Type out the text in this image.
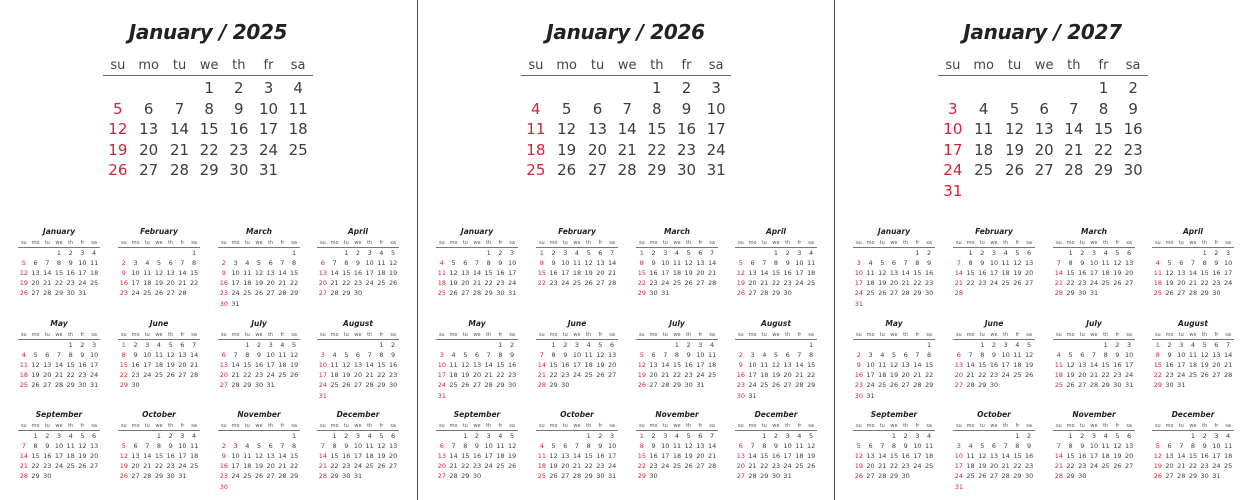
January / 2025
su	mo	tu	we	th	fr	sa
			1	2	3	4
5	6	7	8	9	10	11
12	13	14	15	16	17	18
19	20	21	22	23	24	25
26	27	28	29	30	31	
January
su	mo	tu	we	th	fr	sa
			1	2	3	4
5	6	7	8	9	10	11
12	13	14	15	16	17	18
19	20	21	22	23	24	25
26	27	28	29	30	31	
February
su	mo	tu	we	th	fr	sa
						1
2	3	4	5	6	7	8
9	10	11	12	13	14	15
16	17	18	19	20	21	22
23	24	25	26	27	28	
March
su	mo	tu	we	th	fr	sa
						1
2	3	4	5	6	7	8
9	10	11	12	13	14	15
16	17	18	19	20	21	22
23	24	25	26	27	28	29
30	31					
April
su	mo	tu	we	th	fr	sa
		1	2	3	4	5
6	7	8	9	10	11	12
13	14	15	16	17	18	19
20	21	22	23	24	25	26
27	28	29	30			
May
su	mo	tu	we	th	fr	sa
				1	2	3
4	5	6	7	8	9	10
11	12	13	14	15	16	17
18	19	20	21	22	23	24
25	26	27	28	29	30	31
June
su	mo	tu	we	th	fr	sa
1	2	3	4	5	6	7
8	9	10	11	12	13	14
15	16	17	18	19	20	21
22	23	24	25	26	27	28
29	30					
July
su	mo	tu	we	th	fr	sa
		1	2	3	4	5
6	7	8	9	10	11	12
13	14	15	16	17	18	19
20	21	22	23	24	25	26
27	28	29	30	31		
August
su	mo	tu	we	th	fr	sa
					1	2
3	4	5	6	7	8	9
10	11	12	13	14	15	16
17	18	19	20	21	22	23
24	25	26	27	28	29	30
31						
September
su	mo	tu	we	th	fr	sa
	1	2	3	4	5	6
7	8	9	10	11	12	13
14	15	16	17	18	19	20
21	22	23	24	25	26	27
28	29	30				
October
su	mo	tu	we	th	fr	sa
			1	2	3	4
5	6	7	8	9	10	11
12	13	14	15	16	17	18
19	20	21	22	23	24	25
26	27	28	29	30	31	
November
su	mo	tu	we	th	fr	sa
						1
2	3	4	5	6	7	8
9	10	11	12	13	14	15
16	17	18	19	20	21	22
23	24	25	26	27	28	29
30						
December
su	mo	tu	we	th	fr	sa
	1	2	3	4	5	6
7	8	9	10	11	12	13
14	15	16	17	18	19	20
21	22	23	24	25	26	27
28	29	30	31			
January / 2026
su	mo	tu	we	th	fr	sa
				1	2	3
4	5	6	7	8	9	10
11	12	13	14	15	16	17
18	19	20	21	22	23	24
25	26	27	28	29	30	31
January
su	mo	tu	we	th	fr	sa
				1	2	3
4	5	6	7	8	9	10
11	12	13	14	15	16	17
18	19	20	21	22	23	24
25	26	27	28	29	30	31
February
su	mo	tu	we	th	fr	sa
1	2	3	4	5	6	7
8	9	10	11	12	13	14
15	16	17	18	19	20	21
22	23	24	25	26	27	28
March
su	mo	tu	we	th	fr	sa
1	2	3	4	5	6	7
8	9	10	11	12	13	14
15	16	17	18	19	20	21
22	23	24	25	26	27	28
29	30	31				
April
su	mo	tu	we	th	fr	sa
			1	2	3	4
5	6	7	8	9	10	11
12	13	14	15	16	17	18
19	20	21	22	23	24	25
26	27	28	29	30		
May
su	mo	tu	we	th	fr	sa
					1	2
3	4	5	6	7	8	9
10	11	12	13	14	15	16
17	18	19	20	21	22	23
24	25	26	27	28	29	30
31						
June
su	mo	tu	we	th	fr	sa
	1	2	3	4	5	6
7	8	9	10	11	12	13
14	15	16	17	18	19	20
21	22	23	24	25	26	27
28	29	30				
July
su	mo	tu	we	th	fr	sa
			1	2	3	4
5	6	7	8	9	10	11
12	13	14	15	16	17	18
19	20	21	22	23	24	25
26	27	28	29	30	31	
August
su	mo	tu	we	th	fr	sa
						1
2	3	4	5	6	7	8
9	10	11	12	13	14	15
16	17	18	19	20	21	22
23	24	25	26	27	28	29
30	31					
September
su	mo	tu	we	th	fr	sa
		1	2	3	4	5
6	7	8	9	10	11	12
13	14	15	16	17	18	19
20	21	22	23	24	25	26
27	28	29	30			
October
su	mo	tu	we	th	fr	sa
				1	2	3
4	5	6	7	8	9	10
11	12	13	14	15	16	17
18	19	20	21	22	23	24
25	26	27	28	29	30	31
November
su	mo	tu	we	th	fr	sa
1	2	3	4	5	6	7
8	9	10	11	12	13	14
15	16	17	18	19	20	21
22	23	24	25	26	27	28
29	30					
December
su	mo	tu	we	th	fr	sa
		1	2	3	4	5
6	7	8	9	10	11	12
13	14	15	16	17	18	19
20	21	22	23	24	25	26
27	28	29	30	31		
January / 2027
su	mo	tu	we	th	fr	sa
					1	2
3	4	5	6	7	8	9
10	11	12	13	14	15	16
17	18	19	20	21	22	23
24	25	26	27	28	29	30
31						
January
su	mo	tu	we	th	fr	sa
					1	2
3	4	5	6	7	8	9
10	11	12	13	14	15	16
17	18	19	20	21	22	23
24	25	26	27	28	29	30
31						
February
su	mo	tu	we	th	fr	sa
	1	2	3	4	5	6
7	8	9	10	11	12	13
14	15	16	17	18	19	20
21	22	23	24	25	26	27
28						
March
su	mo	tu	we	th	fr	sa
	1	2	3	4	5	6
7	8	9	10	11	12	13
14	15	16	17	18	19	20
21	22	23	24	25	26	27
28	29	30	31			
April
su	mo	tu	we	th	fr	sa
				1	2	3
4	5	6	7	8	9	10
11	12	13	14	15	16	17
18	19	20	21	22	23	24
25	26	27	28	29	30	
May
su	mo	tu	we	th	fr	sa
						1
2	3	4	5	6	7	8
9	10	11	12	13	14	15
16	17	18	19	20	21	22
23	24	25	26	27	28	29
30	31					
June
su	mo	tu	we	th	fr	sa
		1	2	3	4	5
6	7	8	9	10	11	12
13	14	15	16	17	18	19
20	21	22	23	24	25	26
27	28	29	30			
July
su	mo	tu	we	th	fr	sa
				1	2	3
4	5	6	7	8	9	10
11	12	13	14	15	16	17
18	19	20	21	22	23	24
25	26	27	28	29	30	31
August
su	mo	tu	we	th	fr	sa
1	2	3	4	5	6	7
8	9	10	11	12	13	14
15	16	17	18	19	20	21
22	23	24	25	26	27	28
29	30	31				
September
su	mo	tu	we	th	fr	sa
			1	2	3	4
5	6	7	8	9	10	11
12	13	14	15	16	17	18
19	20	21	22	23	24	25
26	27	28	29	30		
October
su	mo	tu	we	th	fr	sa
					1	2
3	4	5	6	7	8	9
10	11	12	13	14	15	16
17	18	19	20	21	22	23
24	25	26	27	28	29	30
31						
November
su	mo	tu	we	th	fr	sa
	1	2	3	4	5	6
7	8	9	10	11	12	13
14	15	16	17	18	19	20
21	22	23	24	25	26	27
28	29	30				
December
su	mo	tu	we	th	fr	sa
			1	2	3	4
5	6	7	8	9	10	11
12	13	14	15	16	17	18
19	20	21	22	23	24	25
26	27	28	29	30	31	
